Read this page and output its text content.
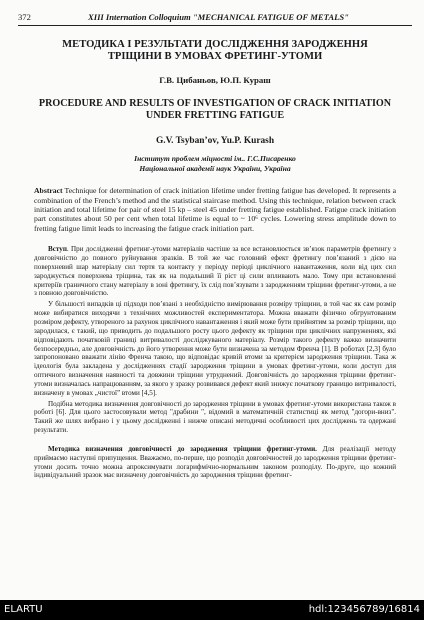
372	XIII Internation Colloquium "MECHANICAL FATIGUE OF METALS"
МЕТОДИКА І РЕЗУЛЬТАТИ ДОСЛІДЖЕННЯ ЗАРОДЖЕННЯ ТРІЩИНИ В УМОВАХ ФРЕТИНГ-УТОМИ
Г.В. Цибаньов, Ю.П. Кураш
PROCEDURE AND RESULTS OF INVESTIGATION OF CRACK INITIATION UNDER FRETTING FATIGUE
G.V. Tsyban’ov, Yu.P. Kurash
Інститут проблем міцності ім.. Г.С.Писаренко
Національної академії наук України, Україна
Abstract Technique for determination of crack initiation lifetime under fretting fatigue has developed. It represents a combination of the French’s method and the statistical staircase method. Using this technique, relation between crack initiation and total lifetime for pair of steel 15 kp – steel 45 under fretting fatigue established. Fatigue crack initiation part constitutes about 50 per cent when total lifetime is equal to ~ 10⁶ cycles. Lowering stress amplitude down to fretting fatigue limit leads to increasing the fatigue crack initiation part.

Вступ. При дослідженні фретинг-утоми матеріалів частіше за все встановлюється зв’язок параметрів фретингу з довговічністю до повного руйнування зразків. В той же час головний ефект фретингу пов’язаний з дією на поверхневий шар матеріалу сил тертя та контакту у періоду періоді циклічного навантаження, коли від цих сил зароджується поверхнева тріщина, так як на подальший її ріст ці сили впливають мало. Тому при встановленні критеріїв граничного стану матеріалу в зоні фретингу, їх слід пов’язувати з зародженням тріщини фретинг-утоми, а не з повною довговічністю.

У більшості випадків ці підходи пов’язані з необхідністю вимірювання розміру тріщини, в той час як сам розмір може вибиратися виходячи з технічних можливостей експериментатора. Можна вважати фізично обгрунтованим розміром дефекту, утвореного за рахунок циклічного навантаження і який може бути прийнятим за розмір тріщини, що зародилася, є такий, що приводить до подальшого росту цього дефекту як тріщини при циклічних напруженнях, які відповідають початковій границі витривалості досліджуваного матеріалу. Розмір такого дефекту важко визначити безпосередньо, але довговічність до його утворення може бути визначена за методом Френча [1]. В роботах [2,3] було запропоновано вважати лінію Френча такою, що відповідає кривій втоми за критерієм зародження тріщини. Така ж ідеологія була закладена у дослідженнях стадії зародження тріщини в умовах фретинг-утоми, коли доступ для оптичного визначення наявності та довжини тріщини утруднений. Довговічність до зародження тріщини фретинг-утоми визначалась напрацюванням, за якого у зразку розвивався дефект який знижує початкову границю витривалості, визначену в умовах „чистої” втоми [4,5].

Подібна методика визначення довговічності до зародження тріщини в умовах фретинг-утоми використана також в роботі [6]. Для цього застосовували метод "драбини ", відомий в математичній статистиці як метод "догори-вниз". Такий же шлях вибрано і у цьому дослідженні і нижче описані методичні особливості цих досліджень та одержані результати.

Методика визначення довговічності до зародження тріщини фретинг-утоми. Для реалізації методу приймаємо наступні припущення. Вважаємо, по-перше, що розподіл довговічностей до зародження тріщини фретинг-утоми досить точно можна апроксимувати логарифмічно-нормальним законом розподілу. По-друге, що кожний індивідуальний зразок має визначену довговічність до зародження тріщини фретинг-

ELARTU	hdl:123456789/16814
